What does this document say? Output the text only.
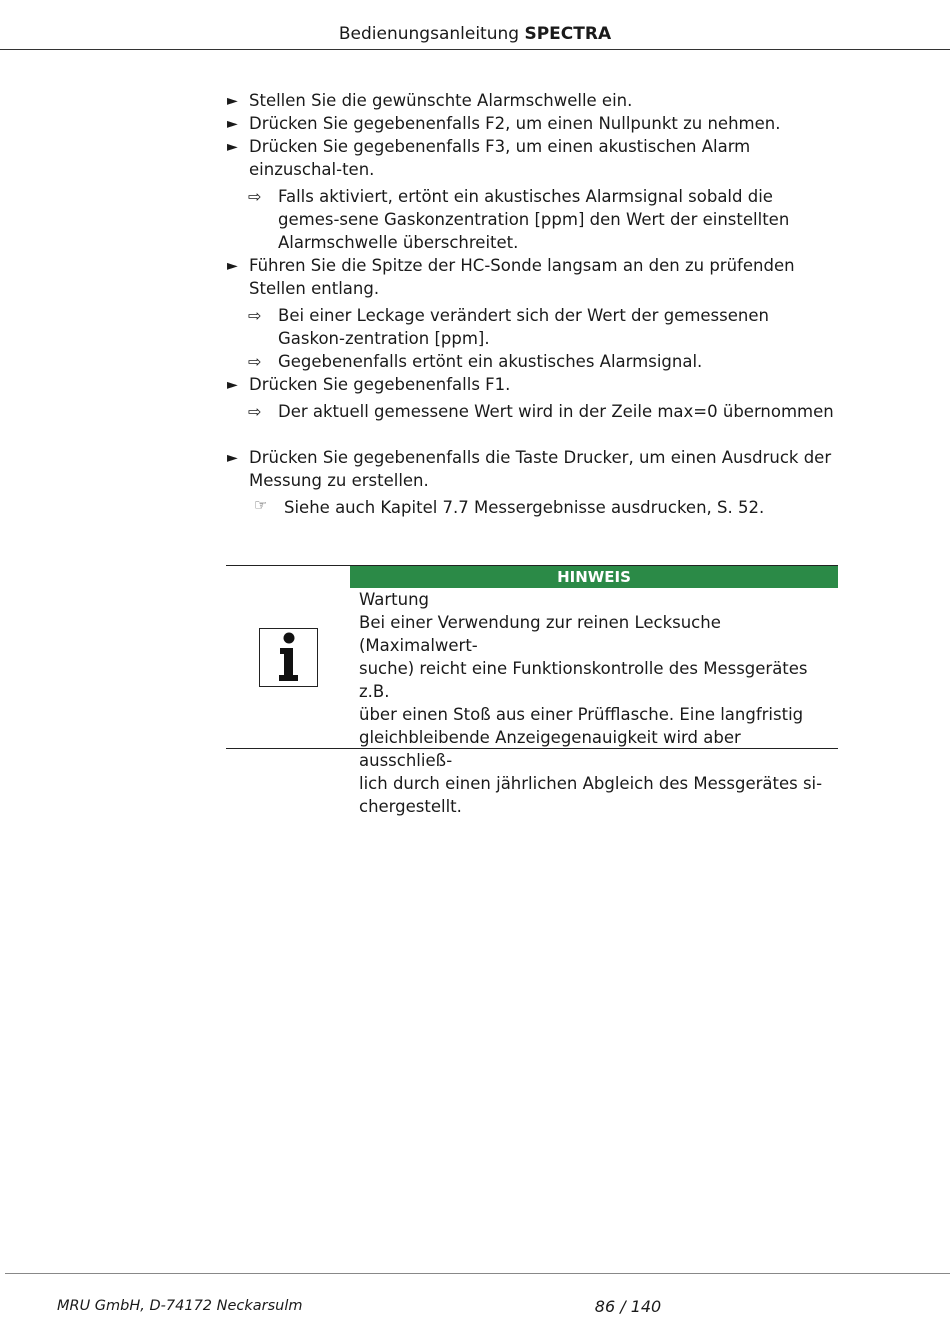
Bedienungsanleitung SPECTRA
► Stellen Sie die gewünschte Alarmschwelle ein.
► Drücken Sie gegebenenfalls F2, um einen Nullpunkt zu nehmen.
► Drücken Sie gegebenenfalls F3, um einen akustischen Alarm einzuschal-ten.
⇨ Falls aktiviert, ertönt ein akustisches Alarmsignal sobald die gemes-sene Gaskonzentration [ppm] den Wert der einstellten Alarmschwelle überschreitet.
► Führen Sie die Spitze der HC-Sonde langsam an den zu prüfenden Stellen entlang.
⇨ Bei einer Leckage verändert sich der Wert der gemessenen Gaskon-zentration [ppm].
⇨ Gegebenenfalls ertönt ein akustisches Alarmsignal.
► Drücken Sie gegebenenfalls F1.
⇨ Der aktuell gemessene Wert wird in der Zeile max=0 übernommen
► Drücken Sie gegebenenfalls die Taste Drucker, um einen Ausdruck der Messung zu erstellen.
☞ Siehe auch Kapitel 7.7 Messergebnisse ausdrucken, S. 52.
HINWEIS
Wartung
Bei einer Verwendung zur reinen Lecksuche (Maximalwert-
suche) reicht eine Funktionskontrolle des Messgerätes z.B.
über einen Stoß aus einer Prüfflasche. Eine langfristig
gleichbleibende Anzeigegenauigkeit wird aber ausschließ-
lich durch einen jährlichen Abgleich des Messgerätes si-
chergestellt.
MRU GmbH, D-74172 Neckarsulm	86 / 140
